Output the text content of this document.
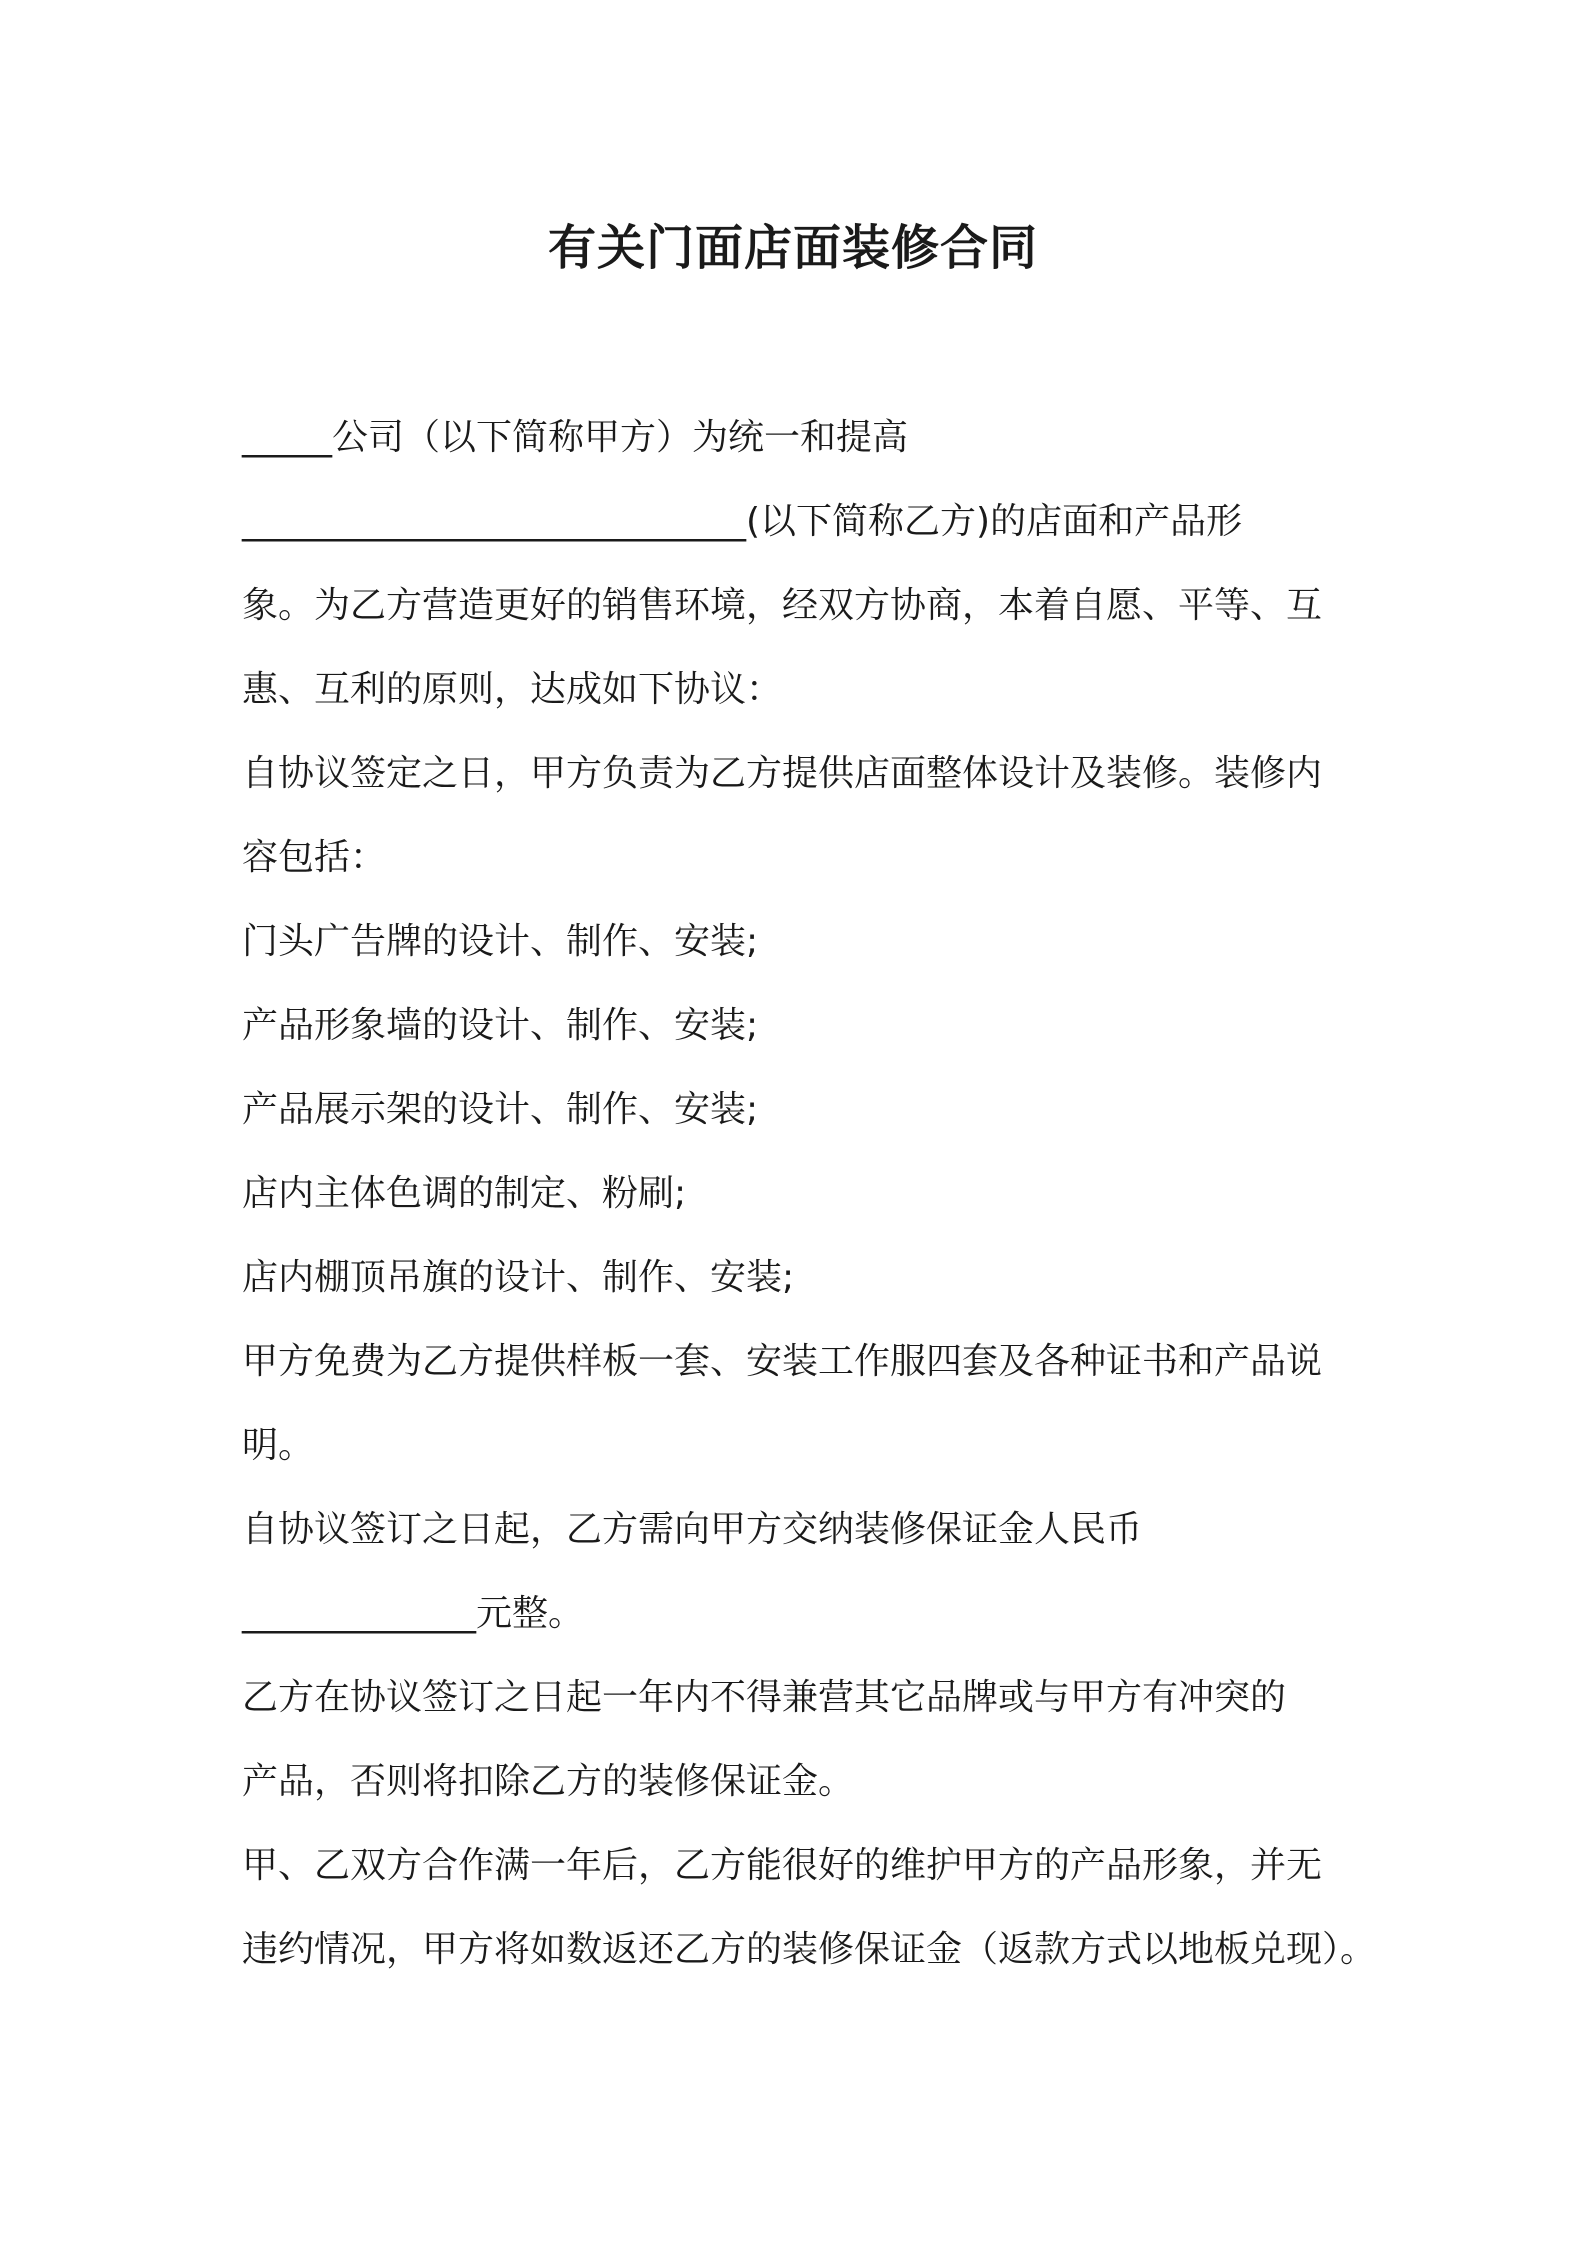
有关门面店面装修合同
_____公司（以下简称甲方）为统一和提高
____________________________(以下简称乙方)的店面和产品形
象。为乙方营造更好的销售环境，经双方协商，本着自愿、平等、互
惠、互利的原则，达成如下协议：
自协议签定之日，甲方负责为乙方提供店面整体设计及装修。装修内
容包括：
门头广告牌的设计、制作、安装;
产品形象墙的设计、制作、安装;
产品展示架的设计、制作、安装;
店内主体色调的制定、粉刷;
店内棚顶吊旗的设计、制作、安装;
甲方免费为乙方提供样板一套、安装工作服四套及各种证书和产品说
明。
自协议签订之日起，乙方需向甲方交纳装修保证金人民币
_____________元整。
乙方在协议签订之日起一年内不得兼营其它品牌或与甲方有冲突的
产品，否则将扣除乙方的装修保证金。
甲、乙双方合作满一年后，乙方能很好的维护甲方的产品形象，并无
违约情况，甲方将如数返还乙方的装修保证金（返款方式以地板兑现）。
